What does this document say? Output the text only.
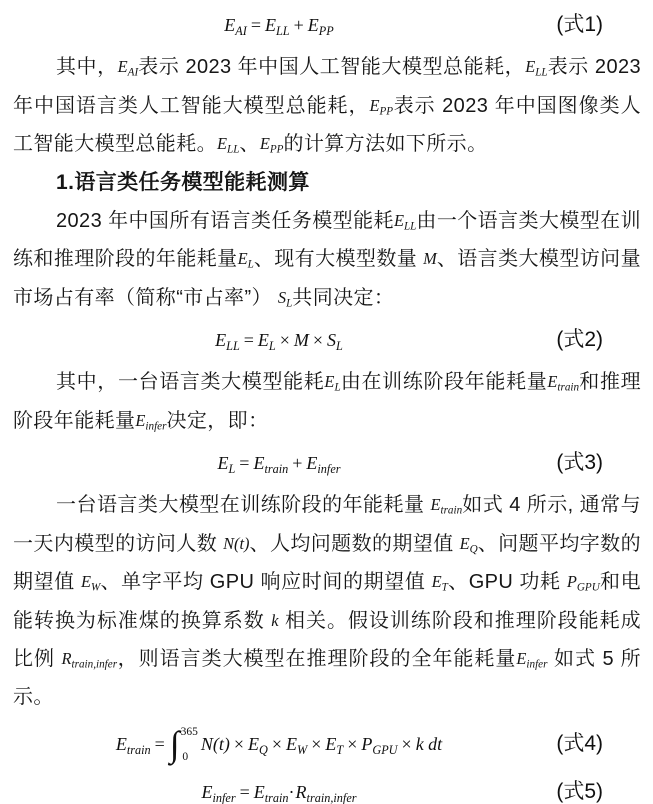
$E_{AI} = E_{LL} + E_{PP}$	(式1)

其中，$E_{AI}$表示 2023 年中国人工智能大模型总能耗，$E_{LL}$表示 2023 年中国语言类人工智能大模型总能耗，$E_{PP}$表示 2023 年中国图像类人工智能大模型总能耗。$E_{LL}$、$E_{PP}$的计算方法如下所示。

1.语言类任务模型能耗测算

2023 年中国所有语言类任务模型能耗$E_{LL}$由一个语言类大模型在训练和推理阶段的年能耗量$E_L$、现有大模型数量 M、语言类大模型访问量市场占有率（简称“市占率”） $S_L$共同决定：

$E_{LL} = E_L \times M \times S_L$	(式2)

其中，一台语言类大模型能耗$E_L$由在训练阶段年能耗量$E_{train}$和推理阶段年能耗量$E_{infer}$决定，即：

$E_L = E_{train} + E_{infer}$	(式3)

一台语言类大模型在训练阶段的年能耗量 $E_{train}$如式 4 所示, 通常与一天内模型的访问人数 N(t)、人均问题数的期望值 $E_Q$、问题平均字数的期望值 $E_W$、单字平均 GPU 响应时间的期望值 $E_T$、GPU 功耗 $P_{GPU}$和电能转换为标准煤的换算系数 k 相关。假设训练阶段和推理阶段能耗成比例 $R_{train,infer}$，则语言类大模型在推理阶段的全年能耗量$E_{infer}$ 如式 5 所示。

$E_{train}$ = ∫ 365
0
$N(t) \times E_Q \times E_W \times E_T \times P_{GPU} \times k$ dt	(式4)
$E_{infer} = E_{train}\cdot R_{train,infer}$	(式5)
